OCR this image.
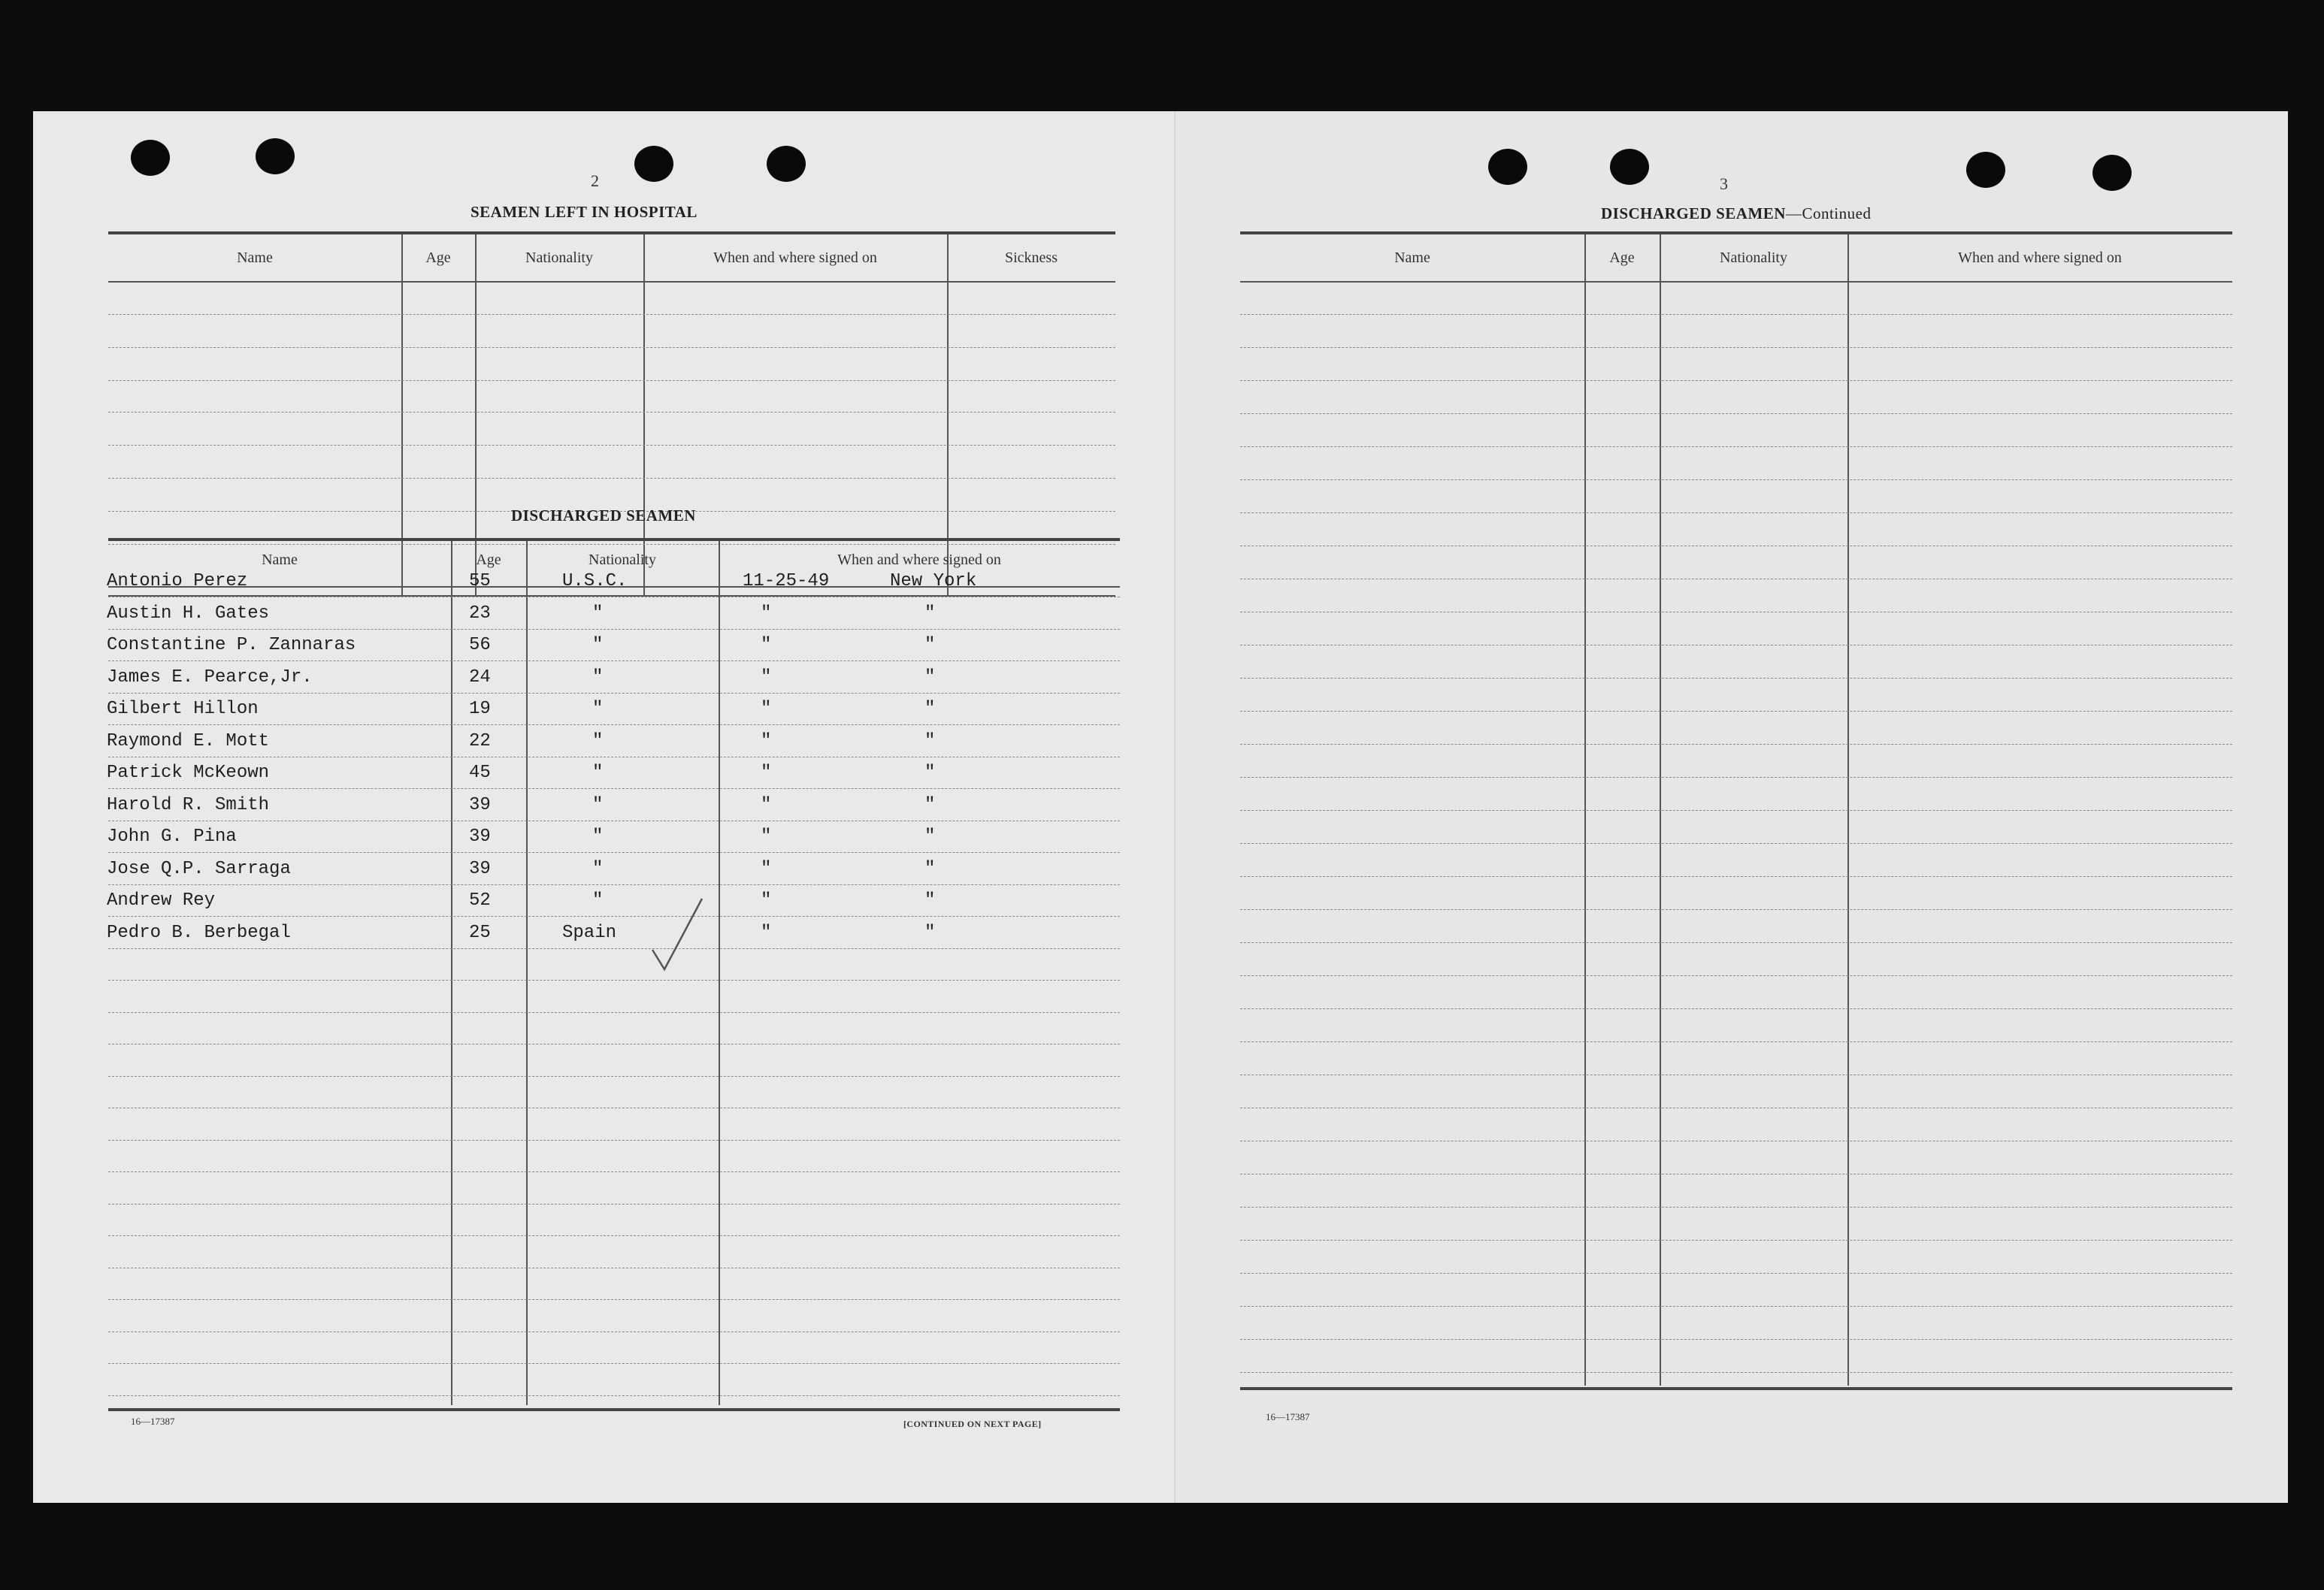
2
SEAMEN LEFT IN HOSPITAL
Name	Age	Nationality	When and where signed on	Sickness
DISCHARGED SEAMEN
Name	Age	Nationality	When and where signed on
Antonio Perez	55	U.S.C.	11-25-49	New York
Austin H. Gates	23	"	"	"
Constantine P. Zannaras	56	"	"	"
James E. Pearce,Jr.	24	"	"	"
Gilbert Hillon	19	"	"	"
Raymond E. Mott	22	"	"	"
Patrick McKeown	45	"	"	"
Harold R. Smith	39	"	"	"
John G. Pina	39	"	"	"
Jose Q.P. Sarraga	39	"	"	"
Andrew Rey	52	"	"	"
Pedro B. Berbegal	25	Spain	"	"
16—17387	[CONTINUED ON NEXT PAGE]
3
DISCHARGED SEAMEN—Continued
Name	Age	Nationality	When and where signed on
16—17387
